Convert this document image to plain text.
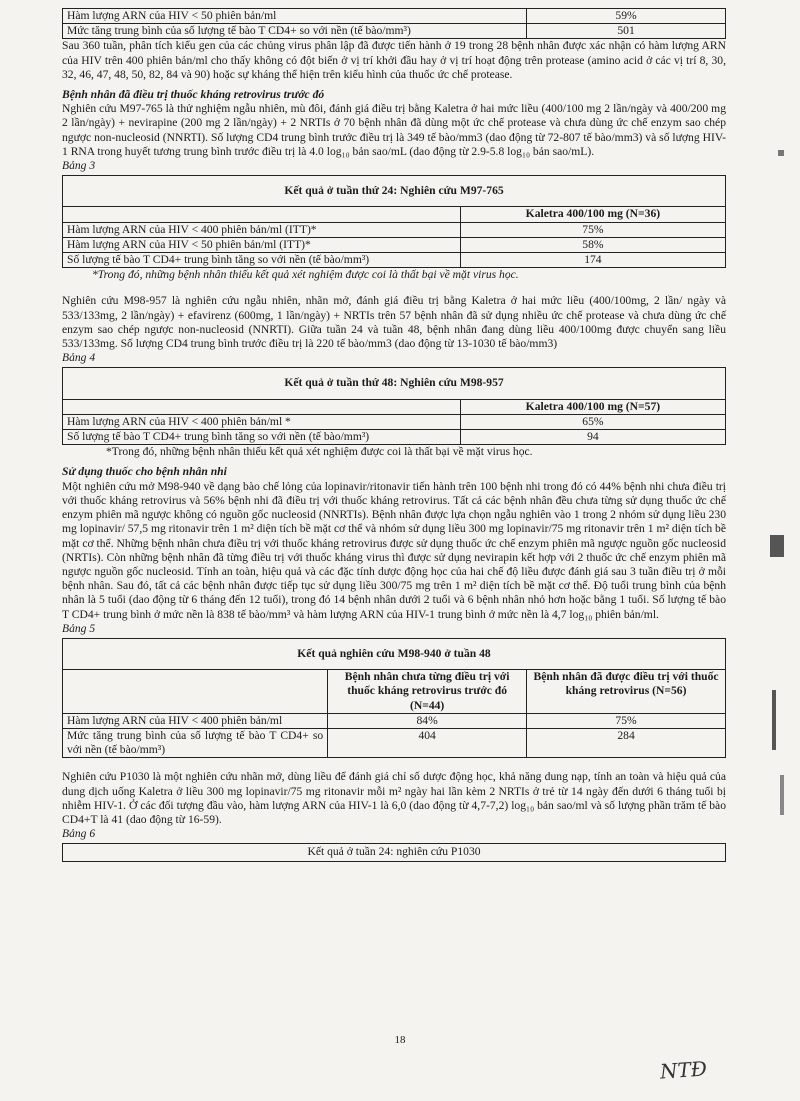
Hàm lượng ARN của HIV < 50 phiên bản/ml	59%
Mức tăng trung bình của số lượng tế bào T CD4+ so với nền (tế bào/mm³)	501

Sau 360 tuần, phân tích kiểu gen của các chủng virus phân lập đã được tiến hành ở 19 trong 28 bệnh nhân được xác nhận có hàm lượng ARN của HIV trên 400 phiên bản/ml cho thấy không có đột biến ở vị trí khởi đầu hay ở vị trí hoạt động trên protease (amino acid ở các vị trí 8, 30, 32, 46, 47, 48, 50, 82, 84 và 90) hoặc sự kháng thể hiện trên kiểu hình của thuốc ức chế protease.

Bệnh nhân đã điều trị thuốc kháng retrovirus trước đó

Nghiên cứu M97-765 là thử nghiệm ngẫu nhiên, mù đôi, đánh giá điều trị bằng Kaletra ở hai mức liều (400/100 mg 2 lần/ngày và 400/200 mg 2 lần/ngày) + nevirapine (200 mg 2 lần/ngày) + 2 NRTIs ở 70 bệnh nhân đã dùng một ức chế protease và chưa dùng ức chế enzym sao chép ngược non-nucleosid (NNRTI). Số lượng CD4 trung bình trước điều trị là 349 tế bào/mm3 (dao động từ 72-807 tế bào/mm3) và số lượng HIV-1 RNA trong huyết tương trung bình trước điều trị là 4.0 log₁₀ bản sao/mL (dao động từ 2.9-5.8 log₁₀ bản sao/mL).

Bảng 3
Kết quả ở tuần thứ 24: Nghiên cứu M97-765	
	Kaletra 400/100 mg (N=36)
Hàm lượng ARN của HIV < 400 phiên bản/ml (ITT)*	75%
Hàm lượng ARN của HIV < 50 phiên bản/ml (ITT)*	58%
Số lượng tế bào T CD4+ trung bình tăng so với nền (tế bào/mm³)	174
*Trong đó, những bệnh nhân thiếu kết quả xét nghiệm được coi là thất bại về mặt virus học.

Nghiên cứu M98-957 là nghiên cứu ngẫu nhiên, nhãn mở, đánh giá điều trị bằng Kaletra ở hai mức liều (400/100mg, 2 lần/ ngày và 533/133mg, 2 lần/ngày) + efavirenz (600mg, 1 lần/ngày) + NRTIs trên 57 bệnh nhân đã sử dụng nhiều ức chế protease và chưa dùng ức chế enzym sao chép ngược non-nucleosid (NNRTI). Giữa tuần 24 và tuần 48, bệnh nhân đang dùng liều 400/100mg được chuyển sang liều 533/133mg. Số lượng CD4 trung bình trước điều trị là 220 tế bào/mm3 (dao động từ 13-1030 tế bào/mm3)

Bảng 4
Kết quả ở tuần thứ 48: Nghiên cứu M98-957	
	Kaletra 400/100 mg (N=57)
Hàm lượng ARN của HIV < 400 phiên bản/ml *	65%
Số lượng tế bào T CD4+ trung bình tăng so với nền (tế bào/mm³)	94
*Trong đó, những bệnh nhân thiếu kết quả xét nghiệm được coi là thất bại về mặt virus học.

Sử dụng thuốc cho bệnh nhân nhi

Một nghiên cứu mở M98-940 về dạng bào chế lỏng của lopinavir/ritonavir tiến hành trên 100 bệnh nhi trong đó có 44% bệnh nhi chưa điều trị với thuốc kháng retrovirus và 56% bệnh nhi đã điều trị với thuốc kháng retrovirus. Tất cả các bệnh nhân đều chưa từng sử dụng thuốc ức chế enzym phiên mã ngược không có nguồn gốc nucleosid (NNRTIs). Bệnh nhân được lựa chọn ngẫu nghiên vào 1 trong 2 nhóm sử dụng liều 230 mg lopinavir/ 57,5 mg ritonavir trên 1 m² diện tích bề mặt cơ thể và nhóm sử dụng liều 300 mg lopinavir/75 mg ritonavir trên 1 m² diện tích bề mặt cơ thể. Những bệnh nhân chưa điều trị với thuốc kháng retrovirus được sử dụng thuốc ức chế enzym phiên mã ngược nguồn gốc nucleosid (NRTIs). Còn những bệnh nhân đã từng điều trị với thuốc kháng virus thì được sử dụng nevirapin kết hợp với 2 thuốc ức chế enzym phiên mã ngược nguồn gốc nucleosid. Tính an toàn, hiệu quả và các đặc tính dược động học của hai chế độ liều được đánh giá sau 3 tuần điều trị ở mỗi bệnh nhân. Sau đó, tất cả các bệnh nhân được tiếp tục sử dụng liều 300/75 mg trên 1 m² diện tích bề mặt cơ thể. Độ tuổi trung bình của bệnh nhân là 5 tuổi (dao động từ 6 tháng đến 12 tuổi), trong đó 14 bệnh nhân dưới 2 tuổi và 6 bệnh nhân nhỏ hơn hoặc bằng 1 tuổi. Số lượng tế bào T CD4+ trung bình ở mức nền là 838 tế bào/mm³ và hàm lượng ARN của HIV-1 trung bình ở mức nền là 4,7 log₁₀ phiên bản/ml.

Bảng 5
Kết quả nghiên cứu M98-940 ở tuần 48		
	Bệnh nhân chưa từng điều trị với thuốc kháng retrovirus trước đó (N=44)	Bệnh nhân đã được điều trị với thuốc kháng retrovirus (N=56)
Hàm lượng ARN của HIV < 400 phiên bản/ml	84%	75%
Mức tăng trung bình của số lượng tế bào T CD4+ so với nền (tế bào/mm³)	404	284

Nghiên cứu P1030 là một nghiên cứu nhãn mở, dùng liều để đánh giá chỉ số dược động học, khả năng dung nạp, tính an toàn và hiệu quả của dung dịch uống Kaletra ở liều 300 mg lopinavir/75 mg ritonavir mỗi m² ngày hai lần kèm 2 NRTIs ở trẻ từ 14 ngày đến dưới 6 tháng tuổi bị nhiễm HIV-1. Ở các đối tượng đầu vào, hàm lượng ARN của HIV-1 là 6,0 (dao động từ 4,7-7,2) log₁₀ bản sao/ml và số lượng phần trăm tế bào CD4+T là 41 (dao động từ 16-59).

Bảng 6
Kết quả ở tuần 24: nghiên cứu P1030
18
NTĐ
